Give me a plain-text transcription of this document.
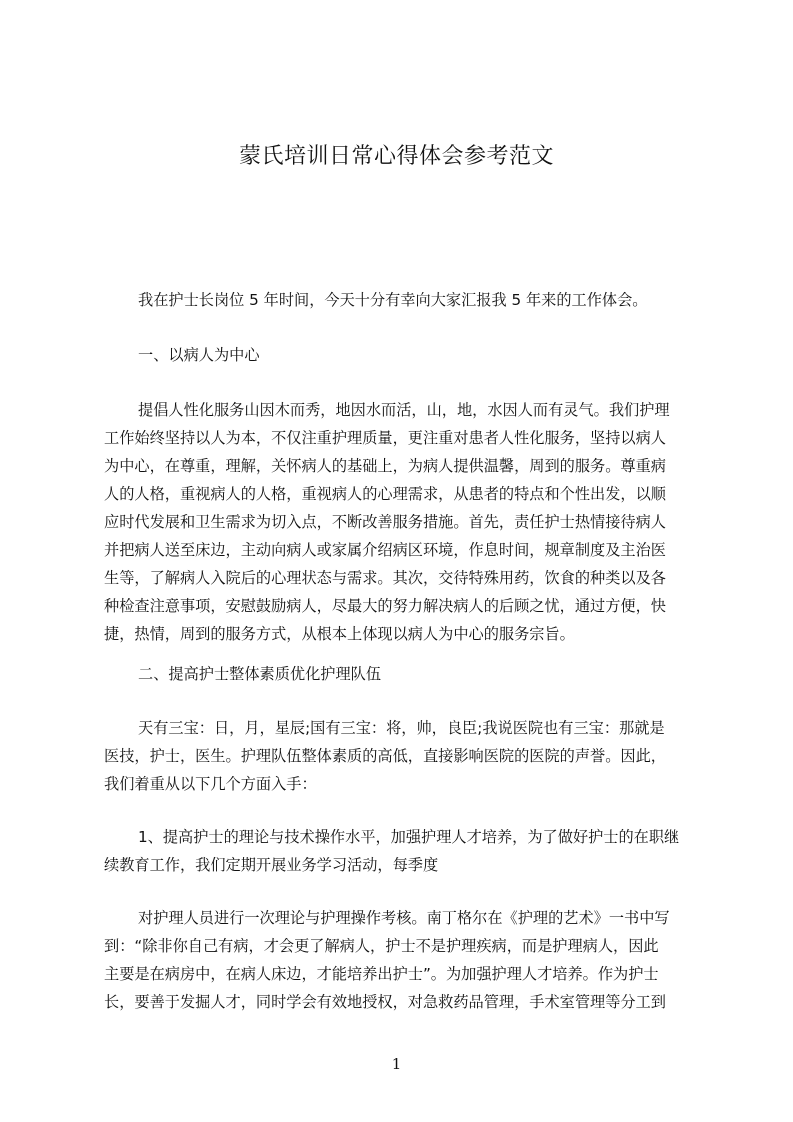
蒙氏培训日常心得体会参考范文
我在护士长岗位 5 年时间，今天十分有幸向大家汇报我 5 年来的工作体会。
一、以病人为中心
提倡人性化服务山因木而秀，地因水而活，山，地，水因人而有灵气。我们护理
工作始终坚持以人为本，不仅注重护理质量，更注重对患者人性化服务，坚持以病人
为中心，在尊重，理解，关怀病人的基础上，为病人提供温馨，周到的服务。尊重病
人的人格，重视病人的人格，重视病人的心理需求，从患者的特点和个性出发，以顺
应时代发展和卫生需求为切入点，不断改善服务措施。首先，责任护士热情接待病人
并把病人送至床边，主动向病人或家属介绍病区环境，作息时间，规章制度及主治医
生等，了解病人入院后的心理状态与需求。其次，交待特殊用药，饮食的种类以及各
种检查注意事项，安慰鼓励病人，尽最大的努力解决病人的后顾之忧，通过方便，快
捷，热情，周到的服务方式，从根本上体现以病人为中心的服务宗旨。
二、提高护士整体素质优化护理队伍
天有三宝：日，月，星辰;国有三宝：将，帅，良臣;我说医院也有三宝：那就是
医技，护士，医生。护理队伍整体素质的高低，直接影响医院的医院的声誉。因此，
我们着重从以下几个方面入手：
1、提高护士的理论与技术操作水平，加强护理人才培养，为了做好护士的在职继
续教育工作，我们定期开展业务学习活动，每季度
对护理人员进行一次理论与护理操作考核。南丁格尔在《护理的艺术》一书中写
到：“除非你自己有病，才会更了解病人，护士不是护理疾病，而是护理病人，因此
主要是在病房中，在病人床边，才能培养出护士”。为加强护理人才培养。作为护士
长，要善于发掘人才，同时学会有效地授权，对急救药品管理，手术室管理等分工到
1
